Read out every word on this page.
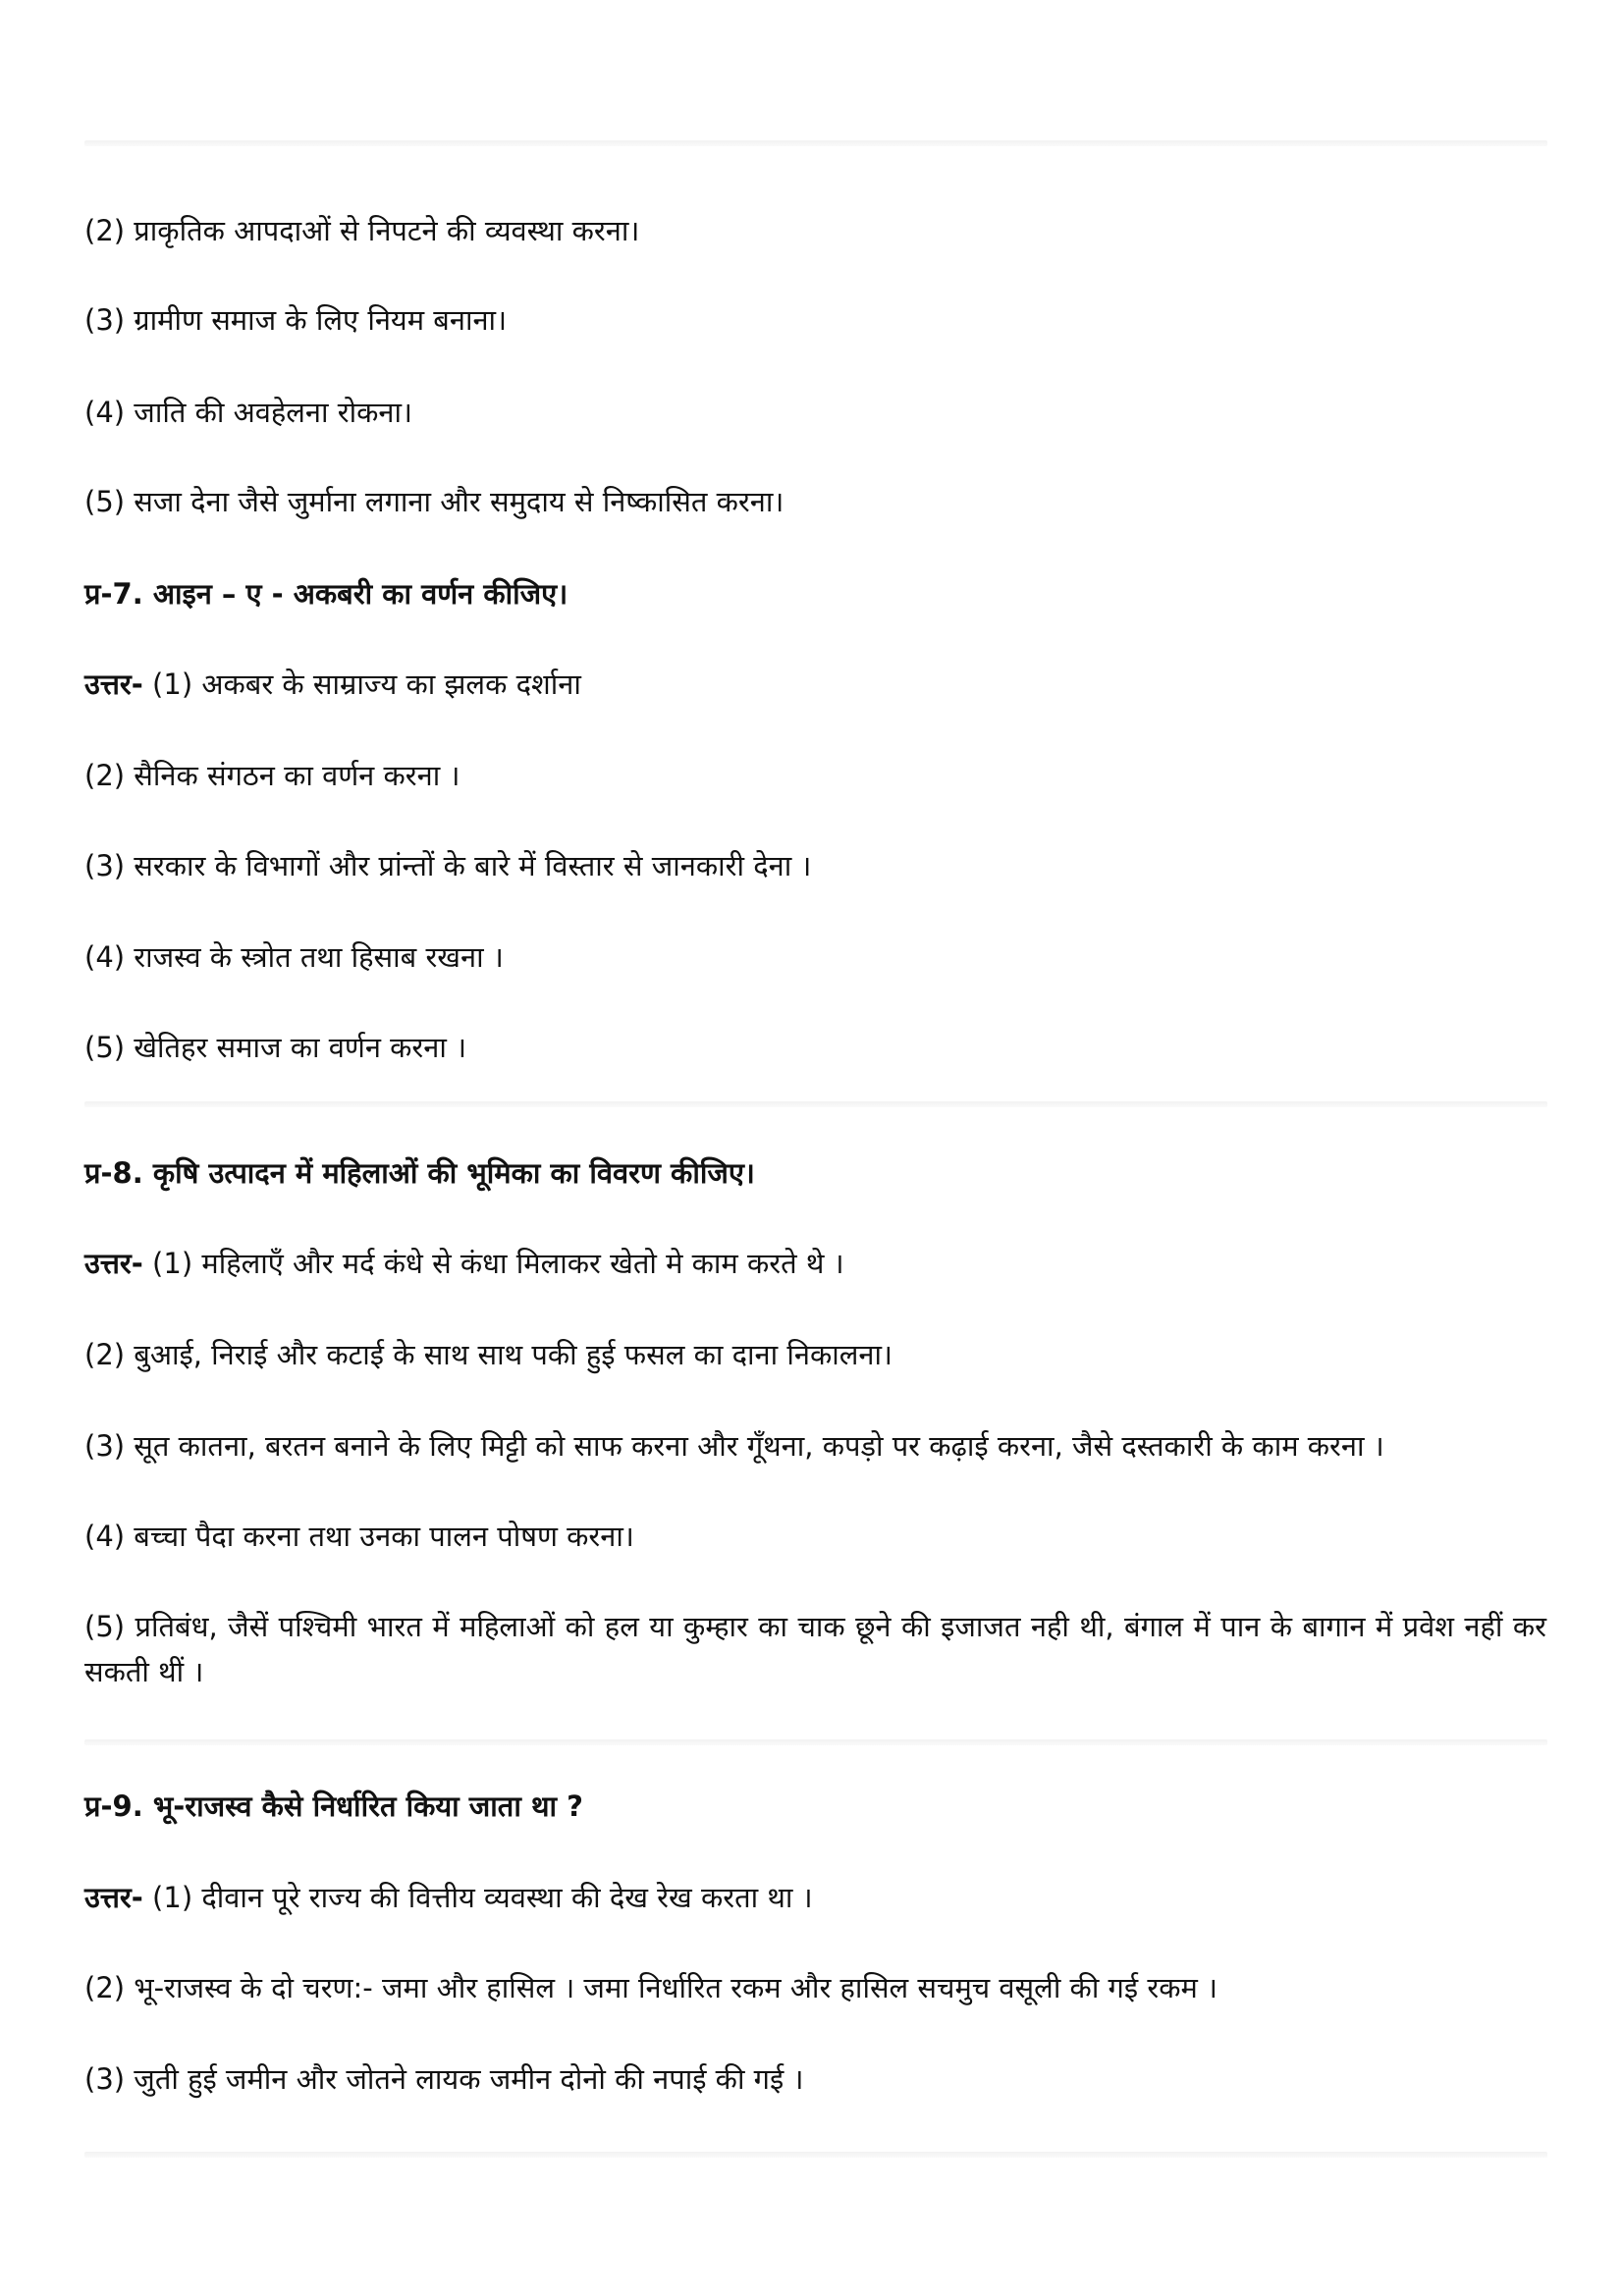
(2) प्राकृतिक आपदाओं से निपटने की व्यवस्था करना।
(3) ग्रामीण समाज के लिए नियम बनाना।
(4) जाति की अवहेलना रोकना।
(5) सजा देना जैसे जुर्माना लगाना और समुदाय से निष्कासित करना।
प्र-7. आइन – ए - अकबरी का वर्णन कीजिए।
उत्तर- (1) अकबर के साम्राज्य का झलक दर्शाना
(2) सैनिक संगठन का वर्णन करना ।
(3) सरकार के विभागों और प्रांन्तों के बारे में विस्तार से जानकारी देना ।
(4) राजस्व के स्त्रोत तथा हिसाब रखना ।
(5) खेतिहर समाज का वर्णन करना ।
प्र-8. कृषि उत्पादन में महिलाओं की भूमिका का विवरण कीजिए।
उत्तर- (1) महिलाएँ और मर्द कंधे से कंधा मिलाकर खेतो मे काम करते थे ।
(2) बुआई, निराई और कटाई के साथ साथ पकी हुई फसल का दाना निकालना।
(3) सूत कातना, बरतन बनाने के लिए मिट्टी को साफ करना और गूँथना, कपड़ो पर कढ़ाई करना, जैसे दस्तकारी के काम करना ।
(4) बच्चा पैदा करना तथा उनका पालन पोषण करना।
(5) प्रतिबंध, जैसें पश्चिमी भारत में महिलाओं को हल या कुम्हार का चाक छूने की इजाजत नही थी, बंगाल में पान के बागान में प्रवेश नहीं कर सकती थीं ।
प्र-9. भू-राजस्व कैसे निर्धारित किया जाता था ?
उत्तर- (1) दीवान पूरे राज्य की वित्तीय व्यवस्था की देख रेख करता था ।
(2) भू-राजस्व के दो चरण:- जमा और हासिल । जमा निर्धारित रकम और हासिल सचमुच वसूली की गई रकम ।
(3) जुती हुई जमीन और जोतने लायक जमीन दोनो की नपाई की गई ।
